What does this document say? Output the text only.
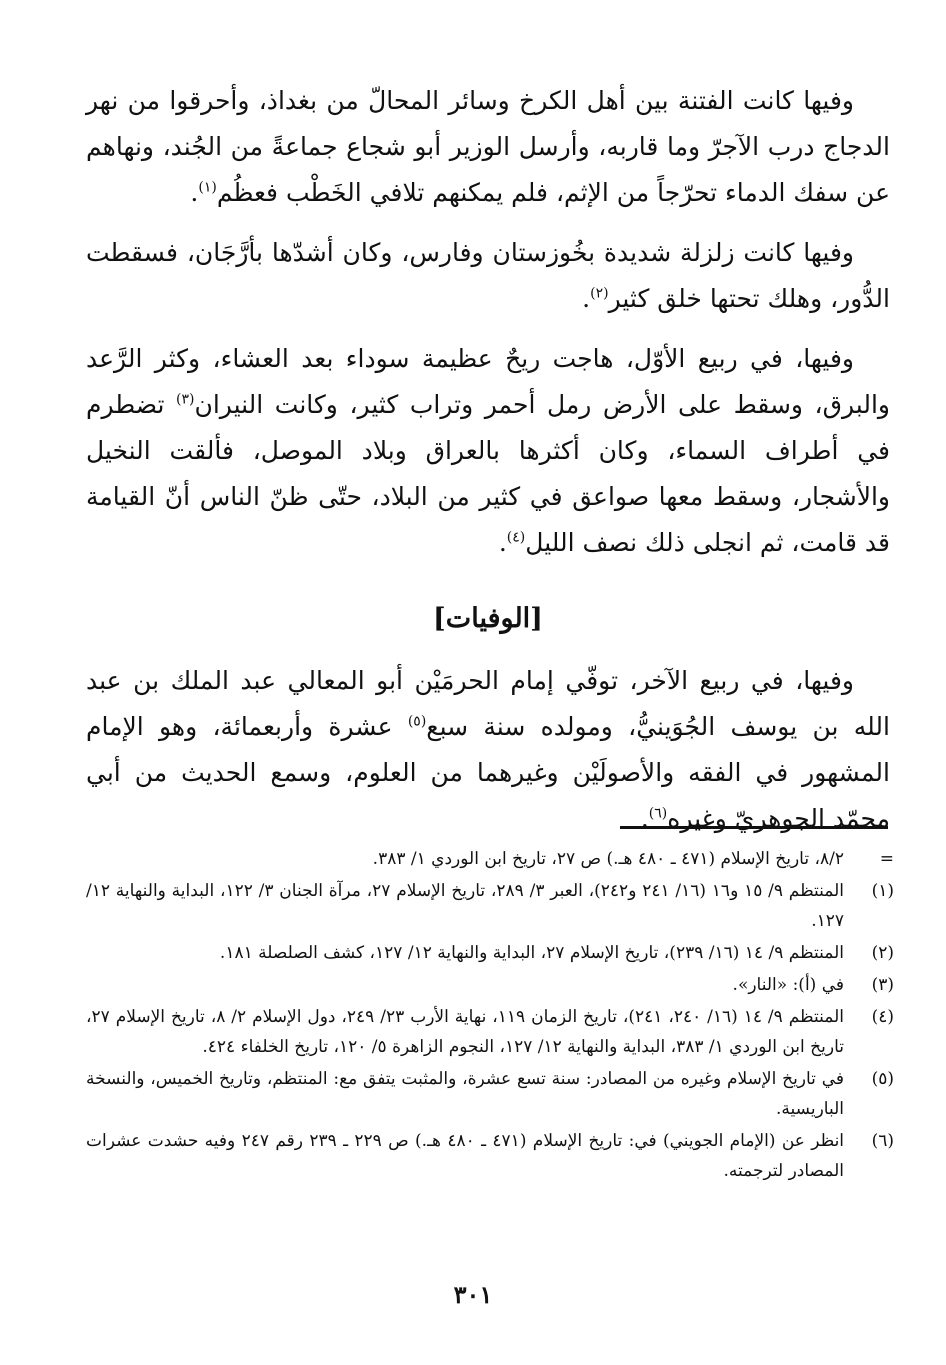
وفيها كانت الفتنة بين أهل الكرخ وسائر المحالّ من بغداذ، وأحرقوا من نهر الدجاج درب الآجرّ وما قاربه، وأرسل الوزير أبو شجاع جماعةً من الجُند، ونهاهم عن سفك الدماء تحرّجاً من الإثم، فلم يمكنهم تلافي الخَطْب فعظُم$^{(١)}$.

وفيها كانت زلزلة شديدة بخُوزستان وفارس، وكان أشدّها بأرَّجَان، فسقطت الدُّور، وهلك تحتها خلق كثير$^{(٢)}$.

وفيها، في ربيع الأوّل، هاجت ريحٌ عظيمة سوداء بعد العشاء، وكثر الرَّعد والبرق، وسقط على الأرض رمل أحمر وتراب كثير، وكانت النيران$^{(٣)}$ تضطرم في أطراف السماء، وكان أكثرها بالعراق وبلاد الموصل، فألقت النخيل والأشجار، وسقط معها صواعق في كثير من البلاد، حتّى ظنّ الناس أنّ القيامة قد قامت، ثم انجلى ذلك نصف الليل$^{(٤)}$.

[الوفيات]

وفيها، في ربيع الآخر، توفّي إمام الحرمَيْن أبو المعالي عبد الملك بن عبد الله بن يوسف الجُوَينيُّ، ومولده سنة سبع$^{(٥)}$ عشرة وأربعمائة، وهو الإمام المشهور في الفقه والأصولَيْن وغيرهما من العلوم، وسمع الحديث من أبي محمّد الجوهريّ وغيره$^{(٦)}$.

=
٨/٢، تاريخ الإسلام (٤٧١ ـ ٤٨٠ هـ.) ص ٢٧، تاريخ ابن الوردي ١/ ٣٨٣.
(١)
المنتظم ٩/ ١٥ و١٦ (١٦/ ٢٤١ و٢٤٢)، العبر ٣/ ٢٨٩، تاريخ الإسلام ٢٧، مرآة الجنان ٣/ ١٢٢، البداية والنهاية ١٢/ ١٢٧.
(٢)
المنتظم ٩/ ١٤ (١٦/ ٢٣٩)، تاريخ الإسلام ٢٧، البداية والنهاية ١٢/ ١٢٧، كشف الصلصلة ١٨١.
(٣)
في (أ): «النار».
(٤)
المنتظم ٩/ ١٤ (١٦/ ٢٤٠، ٢٤١)، تاريخ الزمان ١١٩، نهاية الأرب ٢٣/ ٢٤٩، دول الإسلام ٢/ ٨، تاريخ الإسلام ٢٧، تاريخ ابن الوردي ١/ ٣٨٣، البداية والنهاية ١٢/ ١٢٧، النجوم الزاهرة ٥/ ١٢٠، تاريخ الخلفاء ٤٢٤.
(٥)
في تاريخ الإسلام وغيره من المصادر: سنة تسع عشرة، والمثبت يتفق مع: المنتظم، وتاريخ الخميس، والنسخة الباريسية.
(٦)
انظر عن (الإمام الجويني) في: تاريخ الإسلام (٤٧١ ـ ٤٨٠ هـ.) ص ٢٢٩ ـ ٢٣٩ رقم ٢٤٧ وفيه حشدت عشرات المصادر لترجمته.
٣٠١
